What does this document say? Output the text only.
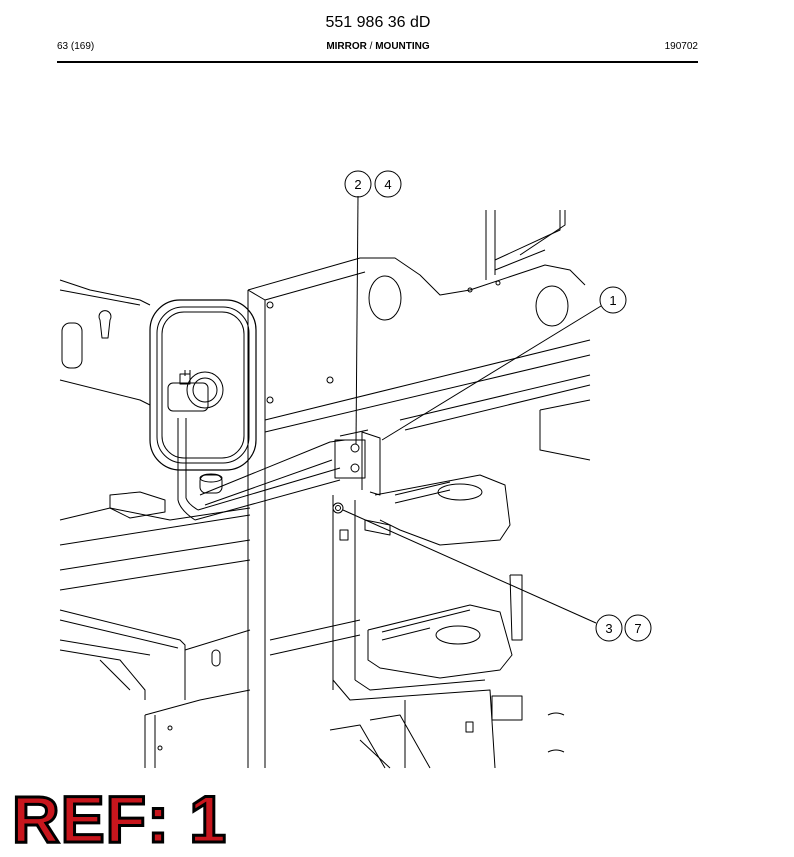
551 986 36 dD
63 (169)	MIRROR / MOUNTING	190702
2 4
1
3 7
REF: 1
